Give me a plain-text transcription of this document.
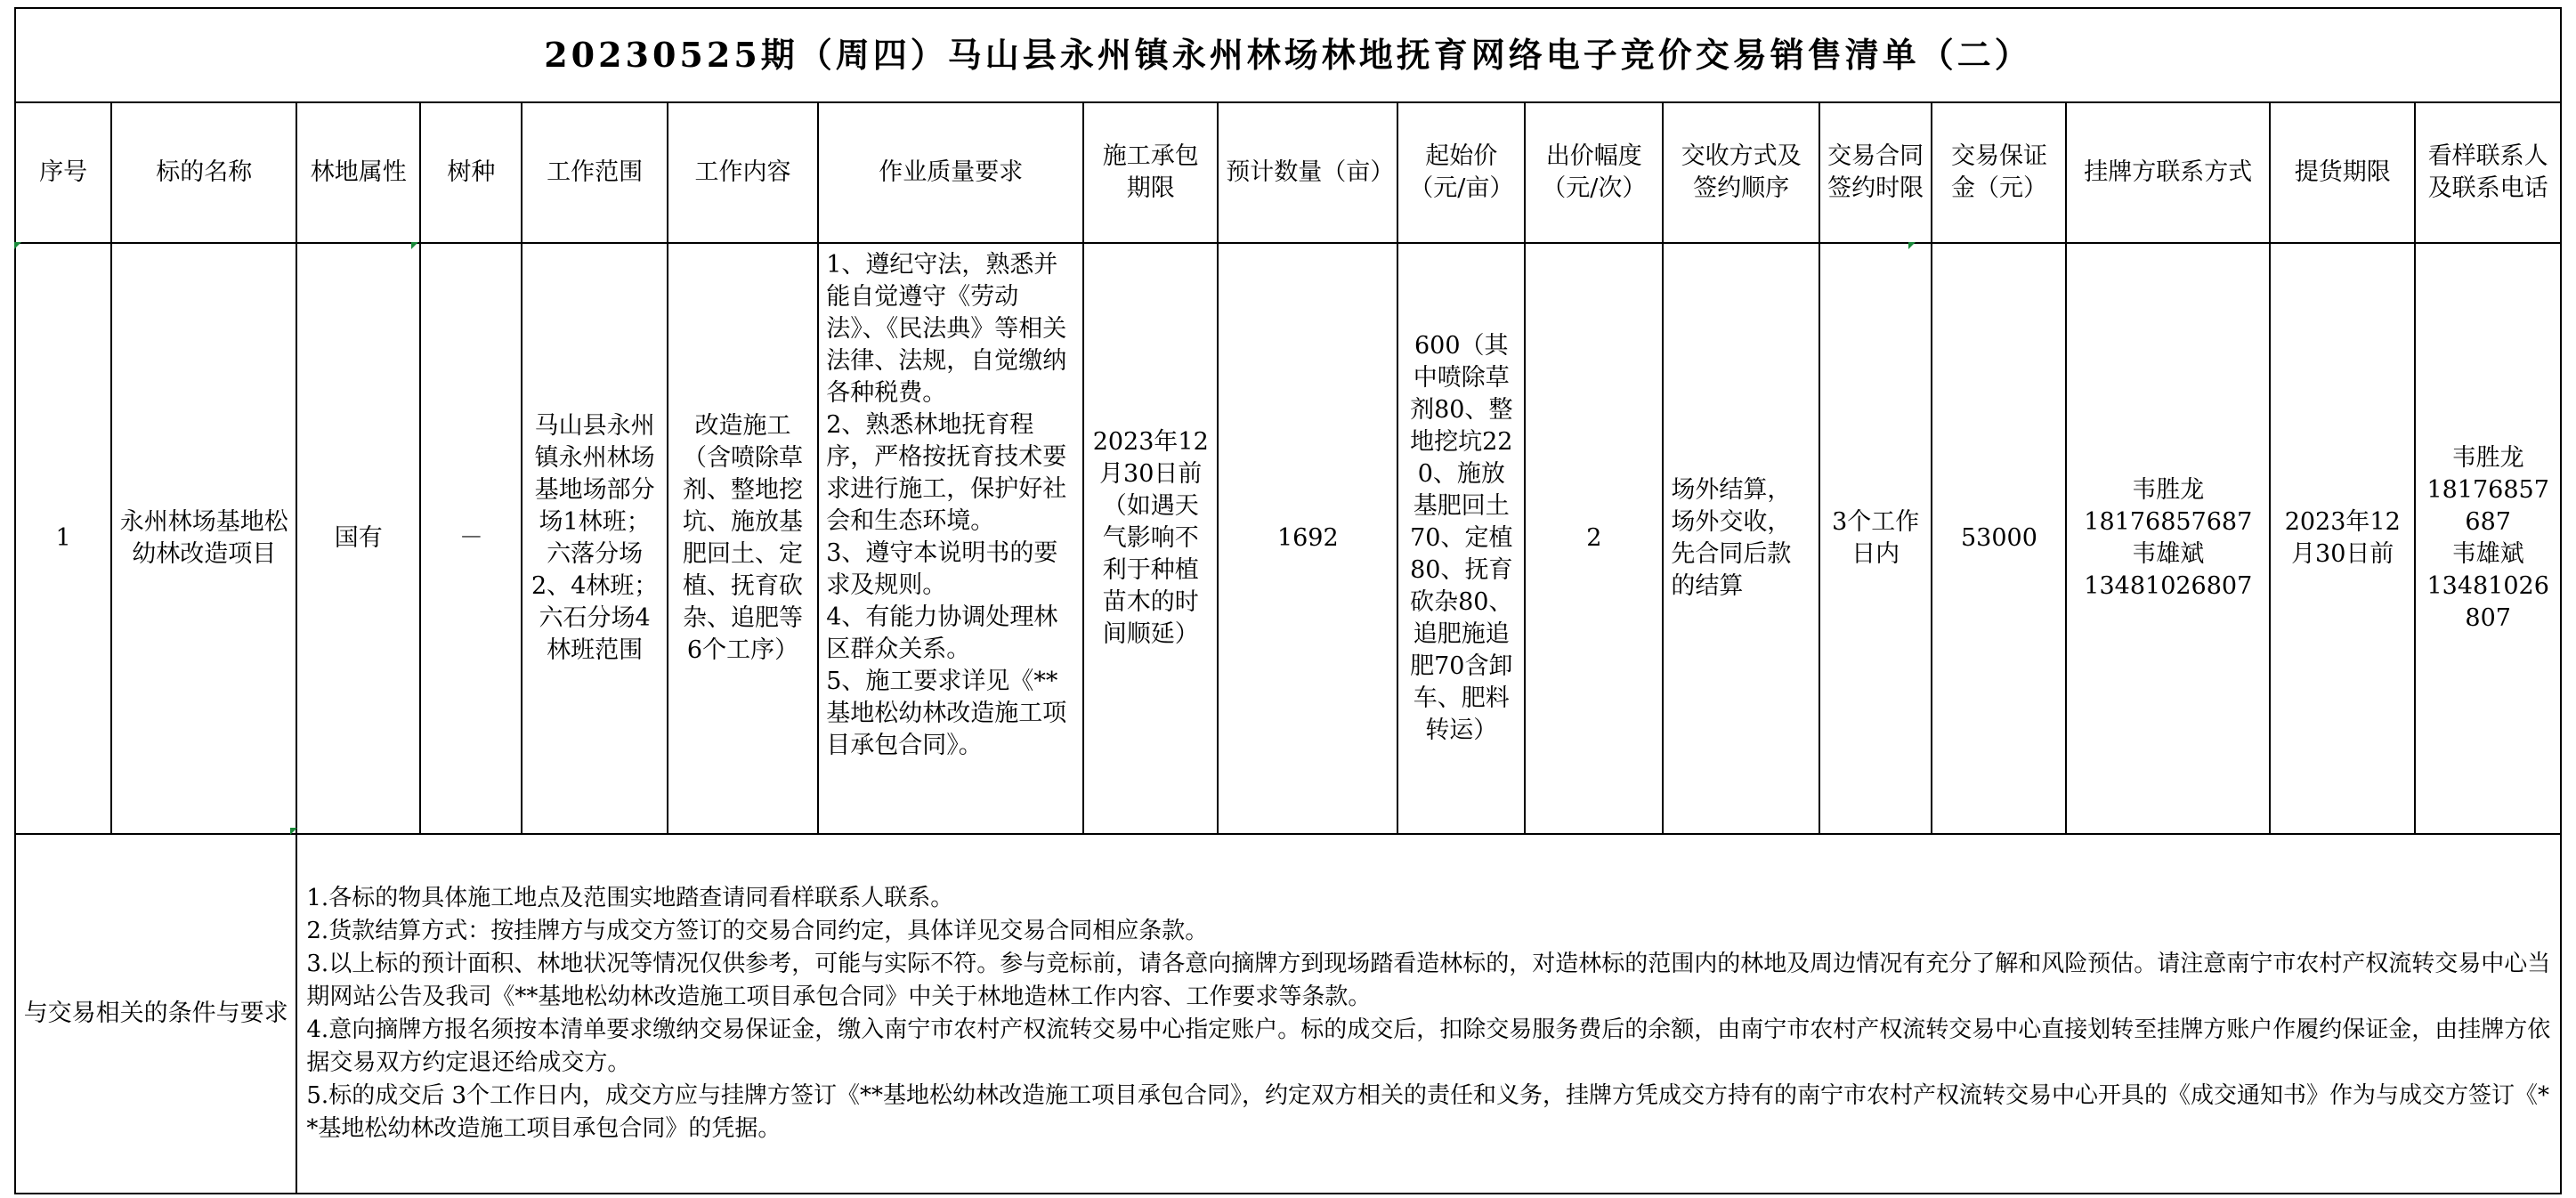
20230525期（周四）马山县永州镇永州林场林地抚育网络电子竞价交易销售清单（二）																
序号	标的名称	林地属性	树种	工作范围	工作内容	作业质量要求	施工承包期限	预计数量（亩）	起始价（元/亩）	出价幅度（元/次）	交收方式及签约顺序	交易合同签约时限	交易保证金（元）	挂牌方联系方式	提货期限	看样联系人及联系电话
1	永州林场基地松幼林改造项目	国有	－	马山县永州镇永州林场基地场部分场1林班；六落分场2、4林班；六石分场4林班范围	改造施工（含喷除草剂、整地挖坑、施放基肥回土、定植、抚育砍杂、追肥等6个工序）	1、遵纪守法，熟悉并能自觉遵守《劳动法》、《民法典》等相关法律、法规，自觉缴纳各种税费。
2、熟悉林地抚育程序，严格按抚育技术要求进行施工，保护好社会和生态环境。
3、遵守本说明书的要求及规则。
4、有能力协调处理林区群众关系。
5、施工要求详见《**基地松幼林改造施工项目承包合同》。	2023年12月30日前（如遇天气影响不利于种植苗木的时间顺延）	1692	600（其中喷除草剂80、整地挖坑220、施放基肥回土70、定植80、抚育砍杂80、追肥施追肥70含卸车、肥料转运）	2	场外结算，场外交收，先合同后款的结算	3个工作日内	53000	韦胜龙
18176857687
韦雄斌
13481026807	2023年12月30日前	韦胜龙
18176857687
韦雄斌
13481026807

与交易相关的条件与要求		1.各标的物具体施工地点及范围实地踏查请同看样联系人联系。
2.货款结算方式：按挂牌方与成交方签订的交易合同约定，具体详见交易合同相应条款。
3.以上标的预计面积、林地状况等情况仅供参考，可能与实际不符。参与竞标前，请各意向摘牌方到现场踏看造林标的，对造林标的范围内的林地及周边情况有充分了解和风险预估。请注意南宁市农村产权流转交易中心当期网站公告及我司《**基地松幼林改造施工项目承包合同》中关于林地造林工作内容、工作要求等条款。
4.意向摘牌方报名须按本清单要求缴纳交易保证金，缴入南宁市农村产权流转交易中心指定账户。标的成交后，扣除交易服务费后的余额，由南宁市农村产权流转交易中心直接划转至挂牌方账户作履约保证金，由挂牌方依据交易双方约定退还给成交方。
5.标的成交后 3个工作日内，成交方应与挂牌方签订《**基地松幼林改造施工项目承包合同》，约定双方相关的责任和义务，挂牌方凭成交方持有的南宁市农村产权流转交易中心开具的《成交通知书》作为与成交方签订《**基地松幼林改造施工项目承包合同》的凭据。														
